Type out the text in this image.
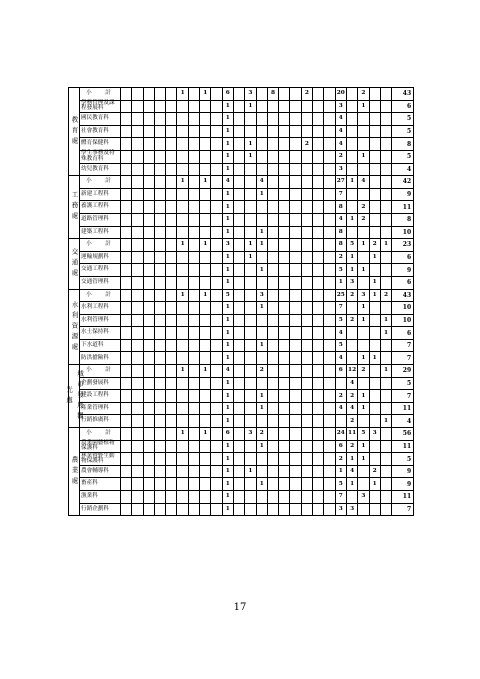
教育處	小　計						1		1		6		3		8			2			20		2			43
	學務管理及課程發展科										1		1								3		1			6
	國民教育科										1										4					5
	社會教育科										1										4					5
	體育保健科										1		1					2			4					8
	學生事務及特殊教育科										1		1								2		1			5
	幼兒教育科										1										3					4
工務處	小　計						1		1		4			4							27	1	4			42
	新建工程科										1			1							7					9
	養護工程科										1										8		2			11
	道路管理科										1										4	1	2			8
	建築工程科										1			1							8					10
交通處	小　計						1		1		3		1	1							8	5	1	2	1	23
	運輸規劃科										1		1								2	1		1		6
	交通工程科										1			1							5	1	1			9
	交通管理科										1										1	3		1		6
水利資源處	小　計						1		1		5			3							25	2	3	1	2	43
	水利工程科										1			1							7		1			10
	水利管理科										1										5	2	1		1	10
	水土保持科										1										4				1	6
	下水道科										1			1							5					7
	防洪搶險科										1										4		1	1		7
城市發展觀光處	小　計						1		1		4			2							6	12	2		1	29
	企劃發展科										1											4				5
	建設工程科										1			1							2	2	1			7
	產業管理科										1			1							4	4	1			11
	行銷推廣科										1											2			1	4
農業處	小　計						1		1		6		3	2							24	11	5	3		56
	農業園藝植物保護科										1			1							6	2	1			11
	林業暨野生動物保護科										1										2	1	1			5
	農會輔導科										1		1								1	4		2		9
	畜產科										1			1							5	1		1		9
	漁業科										1										7		3			11
	行銷企劃科										1										3	3				7
17
